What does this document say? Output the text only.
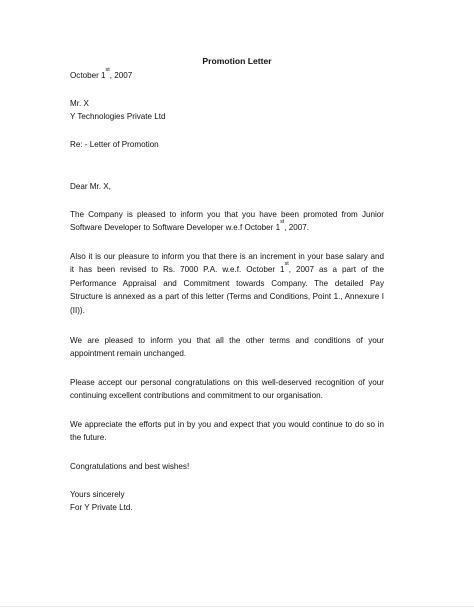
Promotion Letter
October 1st, 2007
Mr. X
Y Technologies Private Ltd
Re: - Letter of Promotion
Dear Mr. X,
The Company is pleased to inform you that you have been promoted from Junior
Software Developer to Software Developer w.e.f October 1st, 2007.
Also it is our pleasure to inform you that there is an increment in your base salary and
it has been revised to Rs. 7000 P.A. w.e.f. October 1st, 2007 as a part of the
Performance Appraisal and Commitment towards Company. The detailed Pay
Structure is annexed as a part of this letter (Terms and Conditions, Point 1., Annexure I
(II)).
We are pleased to inform you that all the other terms and conditions of your
appointment remain unchanged.
Please accept our personal congratulations on this well-deserved recognition of your
continuing excellent contributions and commitment to our organisation.
We appreciate the efforts put in by you and expect that you would continue to do so in
the future.
Congratulations and best wishes!
Yours sincerely
For Y Private Ltd.
